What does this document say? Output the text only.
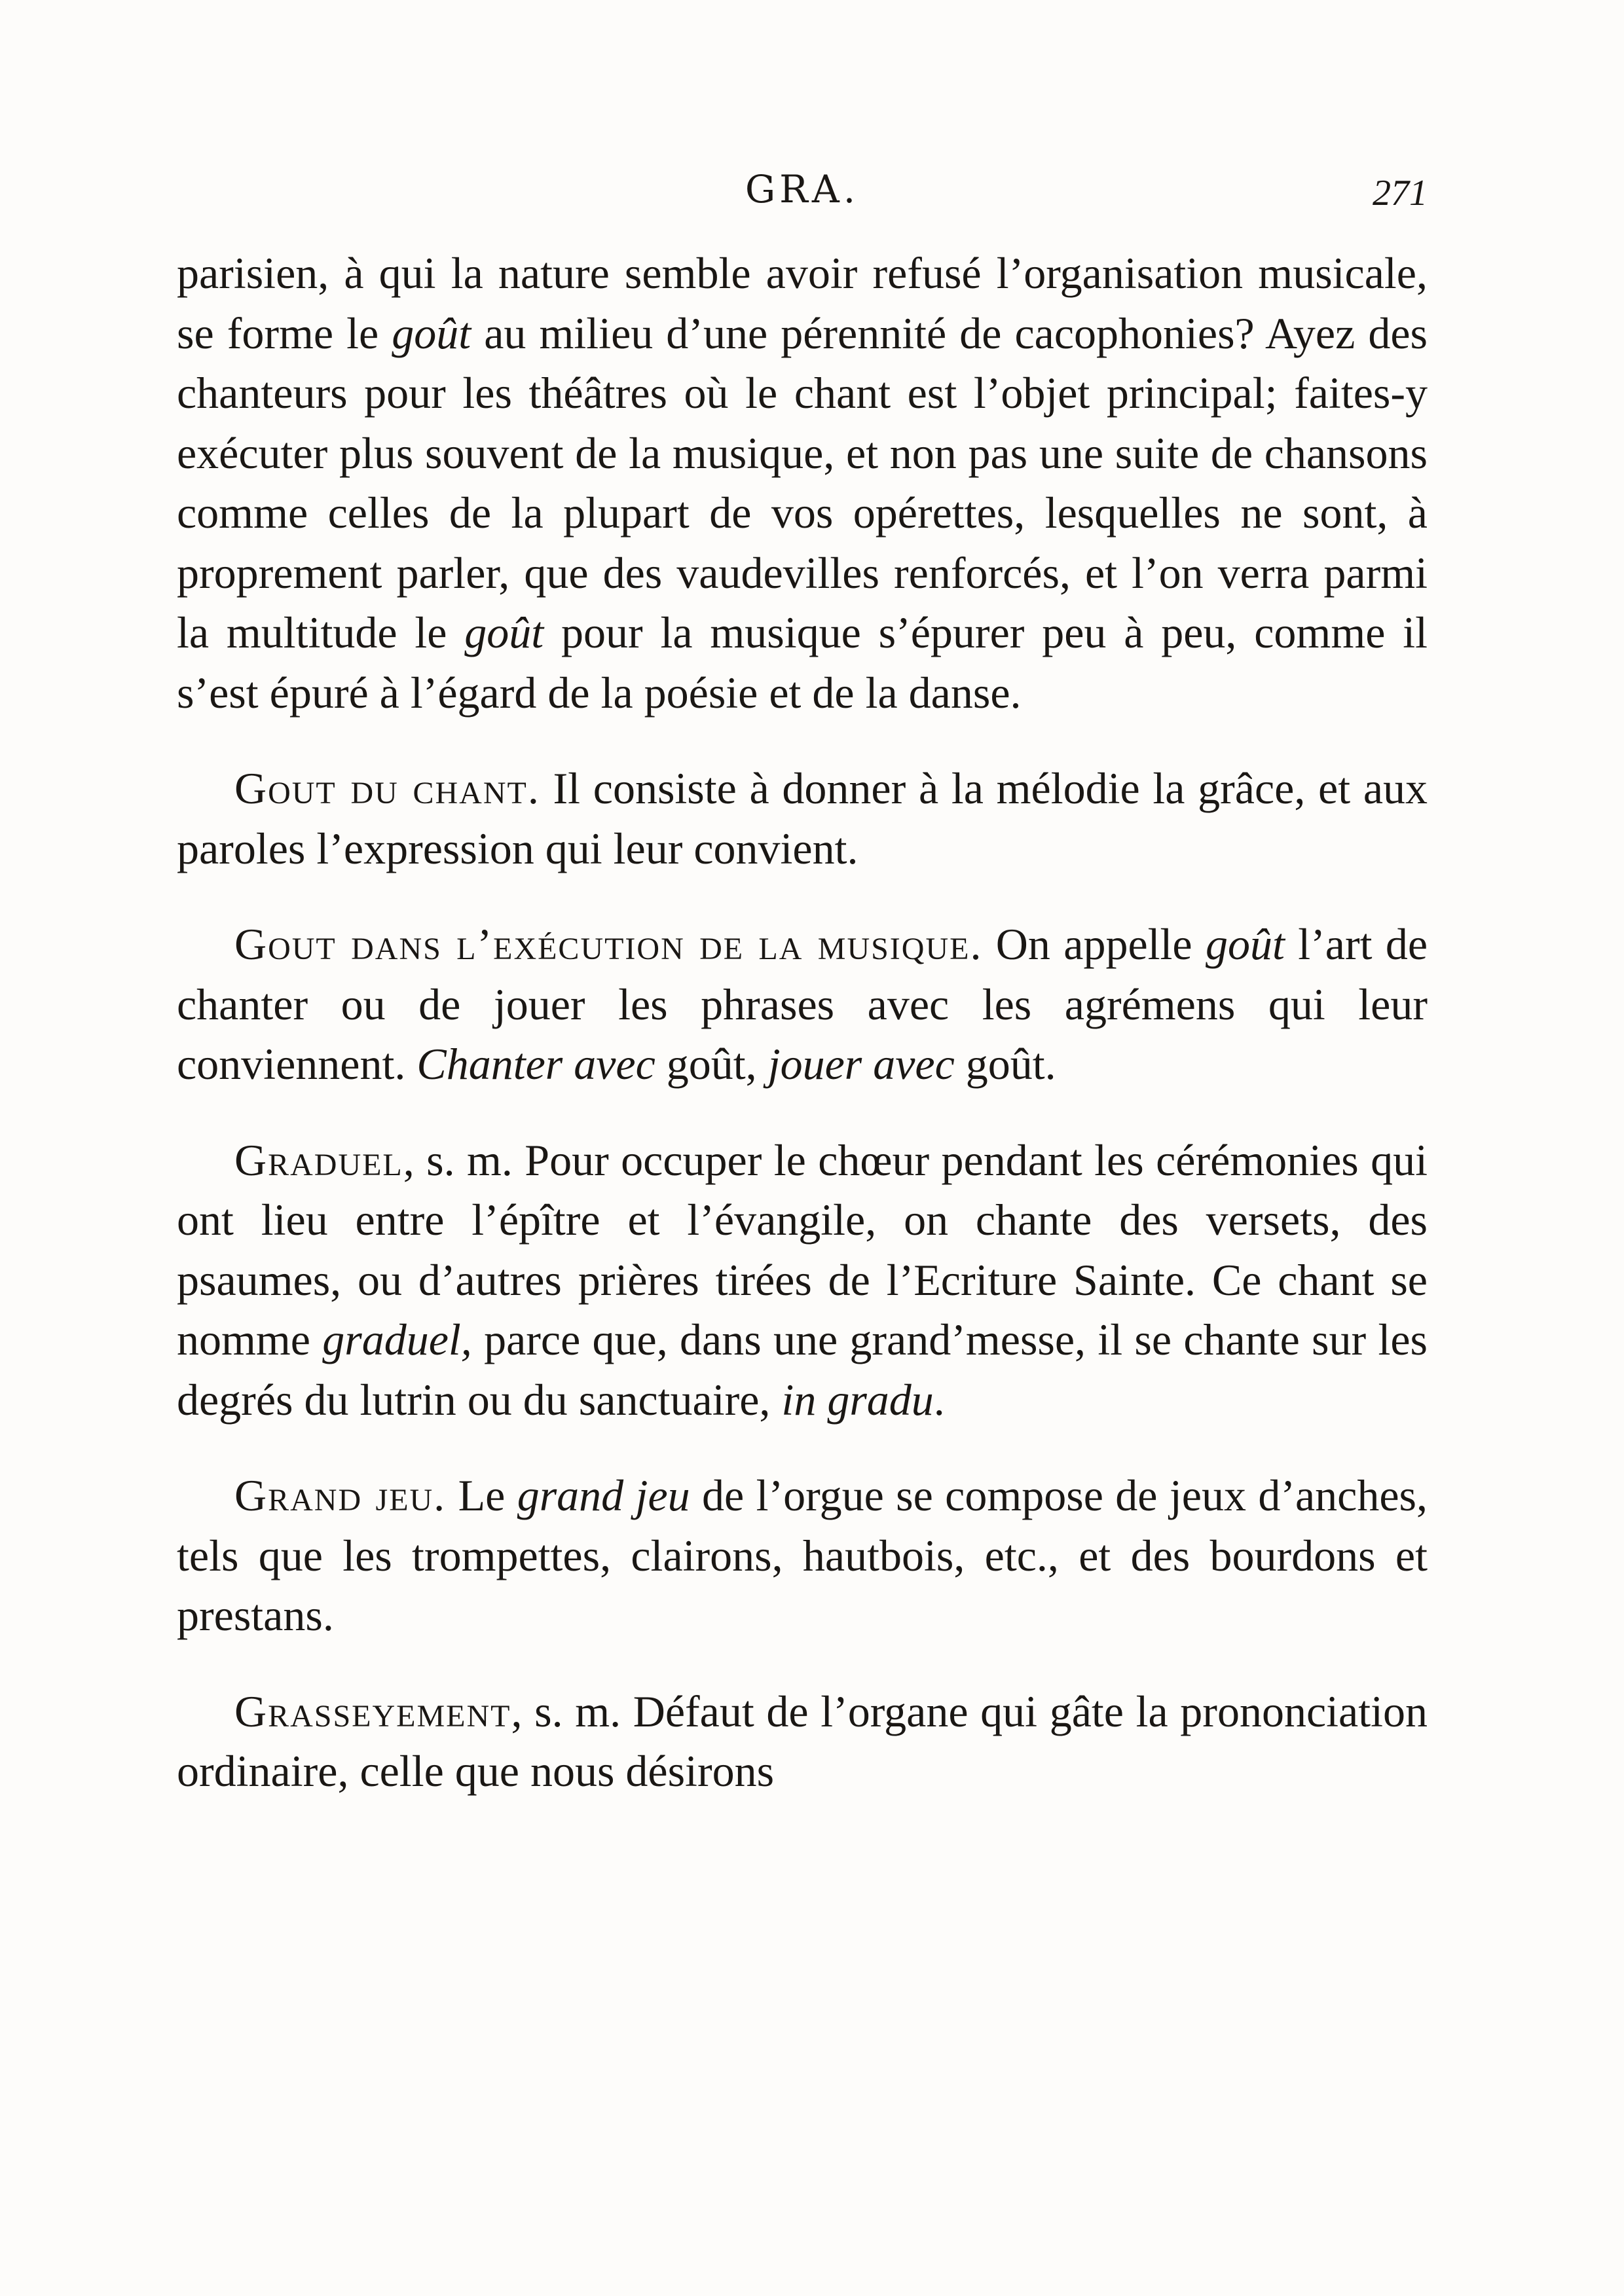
GRA.	271

parisien, à qui la nature semble avoir refusé l’organisation musicale, se forme le goût au milieu d’une pérennité de cacophonies? Ayez des chanteurs pour les théâtres où le chant est l’objet principal; faites-y exécuter plus souvent de la musique, et non pas une suite de chansons comme celles de la plupart de vos opérettes, lesquelles ne sont, à proprement parler, que des vaudevilles renforcés, et l’on verra parmi la multitude le goût pour la musique s’épurer peu à peu, comme il s’est épuré à l’égard de la poésie et de la danse.

Gout du chant. Il consiste à donner à la mélodie la grâce, et aux paroles l’expression qui leur convient.

Gout dans l’exécution de la musique. On appelle goût l’art de chanter ou de jouer les phrases avec les agrémens qui leur conviennent. Chanter avec goût, jouer avec goût.

Graduel, s. m. Pour occuper le chœur pendant les cérémonies qui ont lieu entre l’épître et l’évangile, on chante des versets, des psaumes, ou d’autres prières tirées de l’Ecriture Sainte. Ce chant se nomme graduel, parce que, dans une grand’messe, il se chante sur les degrés du lutrin ou du sanctuaire, in gradu.

Grand jeu. Le grand jeu de l’orgue se compose de jeux d’anches, tels que les trompettes, clairons, hautbois, etc., et des bourdons et prestans.

Grasseyement, s. m. Défaut de l’organe qui gâte la prononciation ordinaire, celle que nous désirons
